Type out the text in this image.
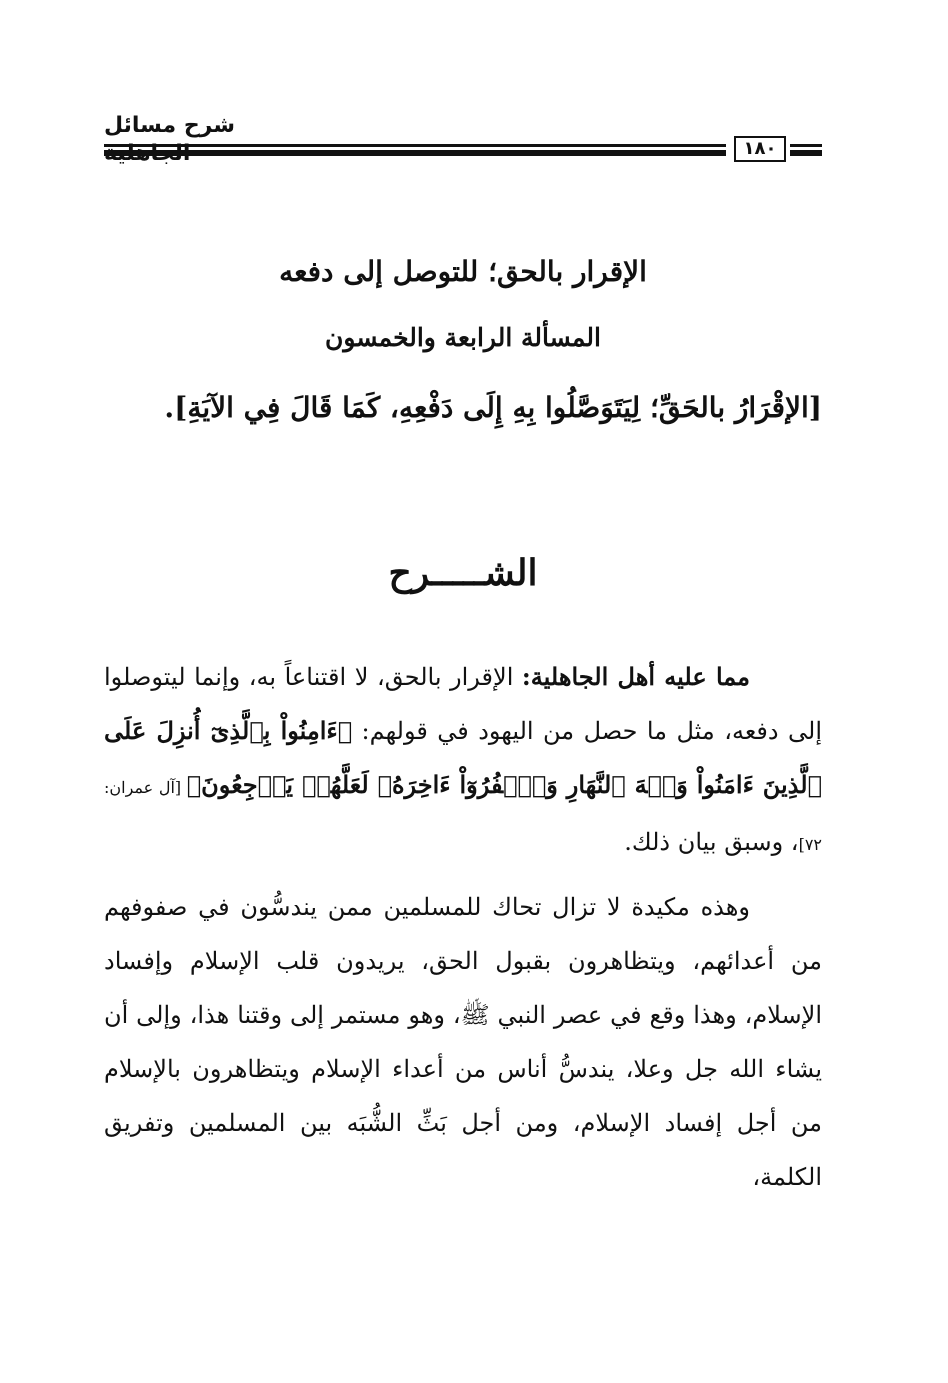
شرح مسائل
١٨٠
الإقرار بالحق؛ للتوصل إلى دفعه
المسألة الرابعة والخمسون
[الإقْرَارُ بالحَقِّ؛ لِيَتَوَصَّلُوا بِهِ إِلَى دَفْعِهِ، كَمَا قَالَ فِي الآيَةِ].
الشـــــرح
مما عليه أهل الجاهلية: الإقرار بالحق، لا اقتناعاً به، وإنما ليتوصلوا إلى دفعه، مثل ما حصل من اليهود في قولهم: ﴿ءَامِنُواْ بِٱلَّذِىٓ أُنزِلَ عَلَى ٱلَّذِينَ ءَامَنُواْ وَجۡهَ ٱلنَّهَارِ وَٱكۡفُرُوٓاْ ءَاخِرَهُۥ لَعَلَّهُمۡ يَرۡجِعُونَ﴾ [آل عمران: ٧٢]، وسبق بيان ذلك.
وهذه مكيدة لا تزال تحاك للمسلمين ممن يندسُّون في صفوفهم من أعدائهم، ويتظاهرون بقبول الحق، يريدون قلب الإسلام وإفساد الإسلام، وهذا وقع في عصر النبي ﷺ، وهو مستمر إلى وقتنا هذا، وإلى أن يشاء الله جل وعلا، يندسُّ أناس من أعداء الإسلام ويتظاهرون بالإسلام من أجل إفساد الإسلام، ومن أجل بَثِّ الشُّبَه بين المسلمين وتفريق الكلمة،
